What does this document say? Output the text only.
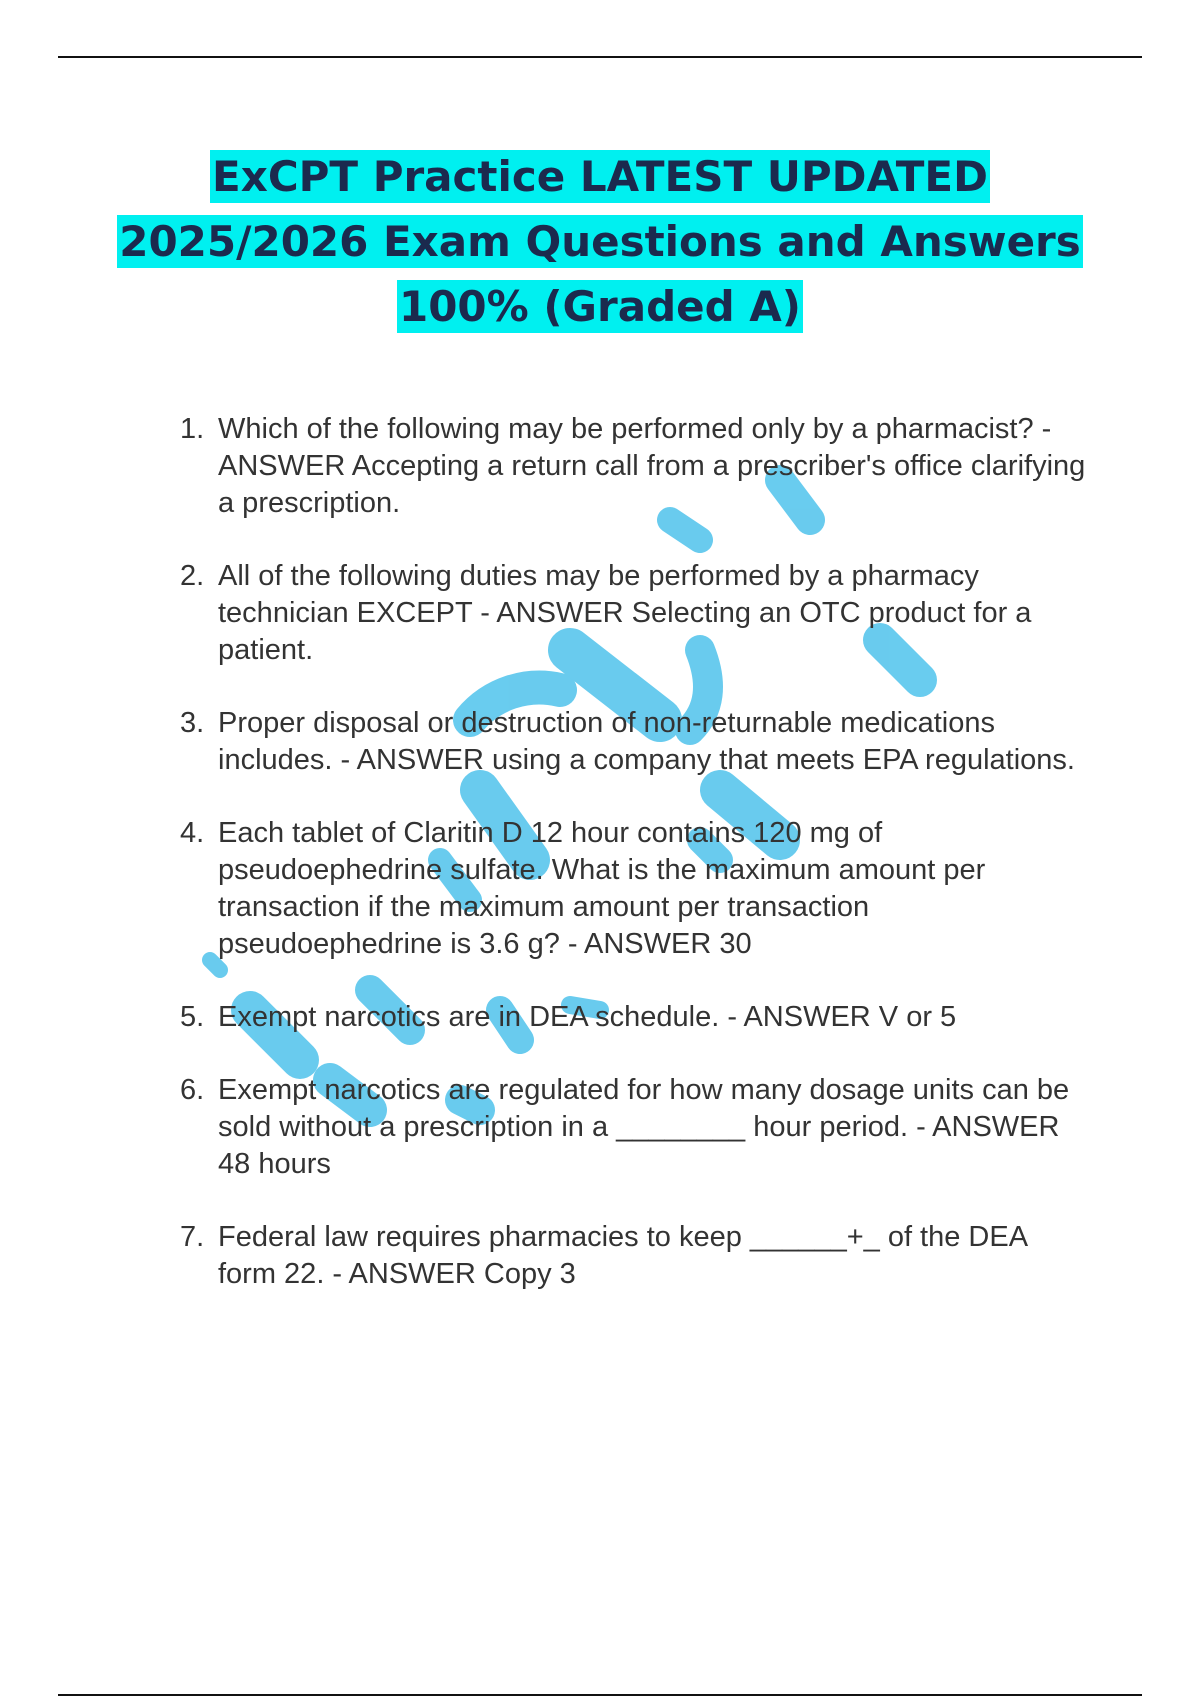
ExCPT Practice LATEST UPDATED
2025/2026 Exam Questions and Answers
100% (Graded A)
1. Which of the following may be performed only by a pharmacist? - ANSWER Accepting a return call from a prescriber's office clarifying a prescription.
2. All of the following duties may be performed by a pharmacy technician EXCEPT - ANSWER Selecting an OTC product for a patient.
3. Proper disposal or destruction of non-returnable medications includes. - ANSWER using a company that meets EPA regulations.
4. Each tablet of Claritin D 12 hour contains 120 mg of pseudoephedrine sulfate. What is the maximum amount per transaction if the maximum amount per transaction pseudoephedrine is 3.6 g? - ANSWER 30
5. Exempt narcotics are in DEA schedule. - ANSWER V or 5
6. Exempt narcotics are regulated for how many dosage units can be sold without a prescription in a ________ hour period. - ANSWER 48 hours
7. Federal law requires pharmacies to keep ______+_ of the DEA form 22. - ANSWER Copy 3
